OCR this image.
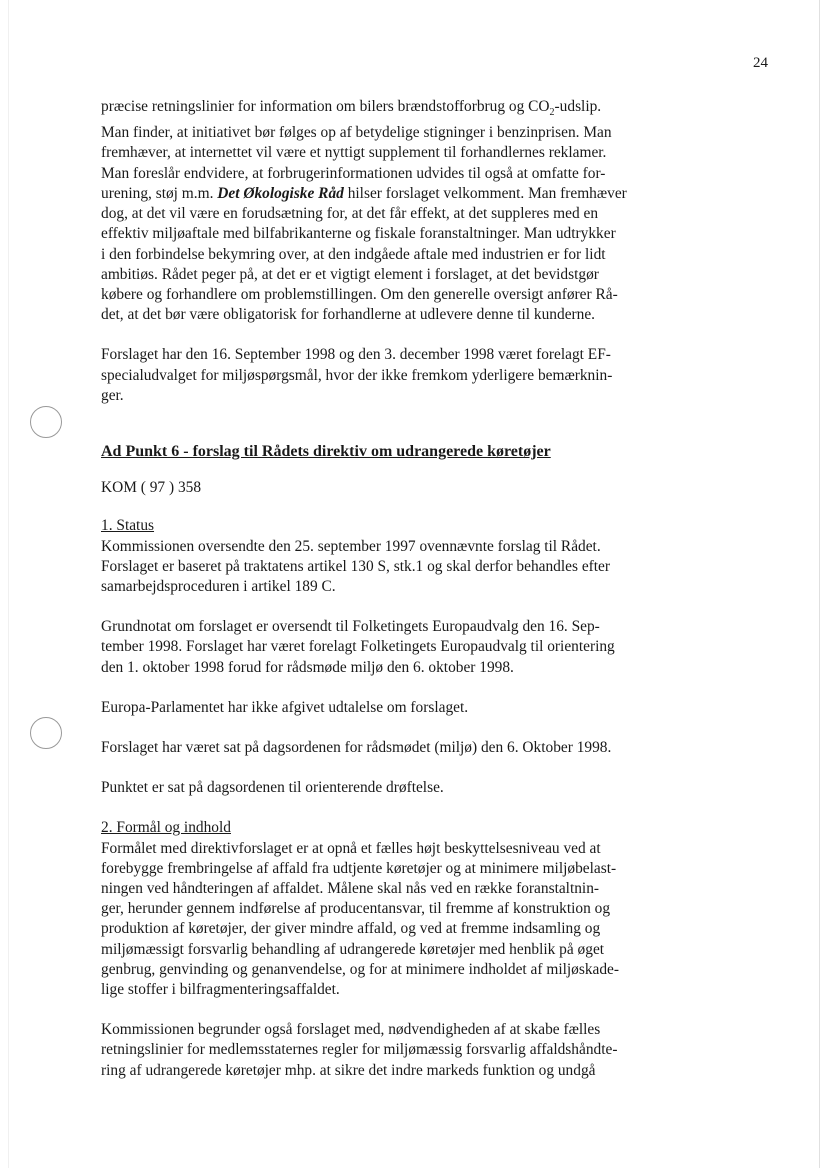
24

præcise retningslinier for information om bilers brændstofforbrug og $CO_2$-udslip.
Man finder, at initiativet bør følges op af betydelige stigninger i benzinprisen. Man
fremhæver, at internettet vil være et nyttigt supplement til forhandlernes reklamer.
Man foreslår endvidere, at forbrugerinformationen udvides til også at omfatte for-
urening, støj m.m. Det Økologiske Råd hilser forslaget velkomment. Man fremhæver
dog, at det vil være en forudsætning for, at det får effekt, at det suppleres med en
effektiv miljøaftale med bilfabrikanterne og fiskale foranstaltninger. Man udtrykker
i den forbindelse bekymring over, at den indgåede aftale med industrien er for lidt
ambitiøs. Rådet peger på, at det er et vigtigt element i forslaget, at det bevidstgør
købere og forhandlere om problemstillingen. Om den generelle oversigt anfører Rå-
det, at det bør være obligatorisk for forhandlerne at udlevere denne til kunderne.

Forslaget har den 16. September 1998 og den 3. december 1998 været forelagt EF-
specialudvalget for miljøspørgsmål, hvor der ikke fremkom yderligere bemærknin-
ger.

Ad Punkt 6 - forslag til Rådets direktiv om udrangerede køretøjer

KOM ( 97 ) 358

1. Status

Kommissionen oversendte den 25. september 1997 ovennævnte forslag til Rådet.
Forslaget er baseret på traktatens artikel 130 S, stk.1 og skal derfor behandles efter
samarbejdsproceduren i artikel 189 C.

Grundnotat om forslaget er oversendt til Folketingets Europaudvalg den 16. Sep-
tember 1998. Forslaget har været forelagt Folketingets Europaudvalg til orientering
den 1. oktober 1998 forud for rådsmøde miljø den 6. oktober 1998.

Europa-Parlamentet har ikke afgivet udtalelse om forslaget.

Forslaget har været sat på dagsordenen for rådsmødet (miljø) den 6. Oktober 1998.

Punktet er sat på dagsordenen til orienterende drøftelse.

2. Formål og indhold

Formålet med direktivforslaget er at opnå et fælles højt beskyttelsesniveau ved at
forebygge frembringelse af affald fra udtjente køretøjer og at minimere miljøbelast-
ningen ved håndteringen af affaldet. Målene skal nås ved en række foranstaltnin-
ger, herunder gennem indførelse af producentansvar, til fremme af konstruktion og
produktion af køretøjer, der giver mindre affald, og ved at fremme indsamling og
miljømæssigt forsvarlig behandling af udrangerede køretøjer med henblik på øget
genbrug, genvinding og genanvendelse, og for at minimere indholdet af miljøskade-
lige stoffer i bilfragmenteringsaffaldet.

Kommissionen begrunder også forslaget med, nødvendigheden af at skabe fælles
retningslinier for medlemsstaternes regler for miljømæssig forsvarlig affaldshåndte-
ring af udrangerede køretøjer mhp. at sikre det indre markeds funktion og undgå
